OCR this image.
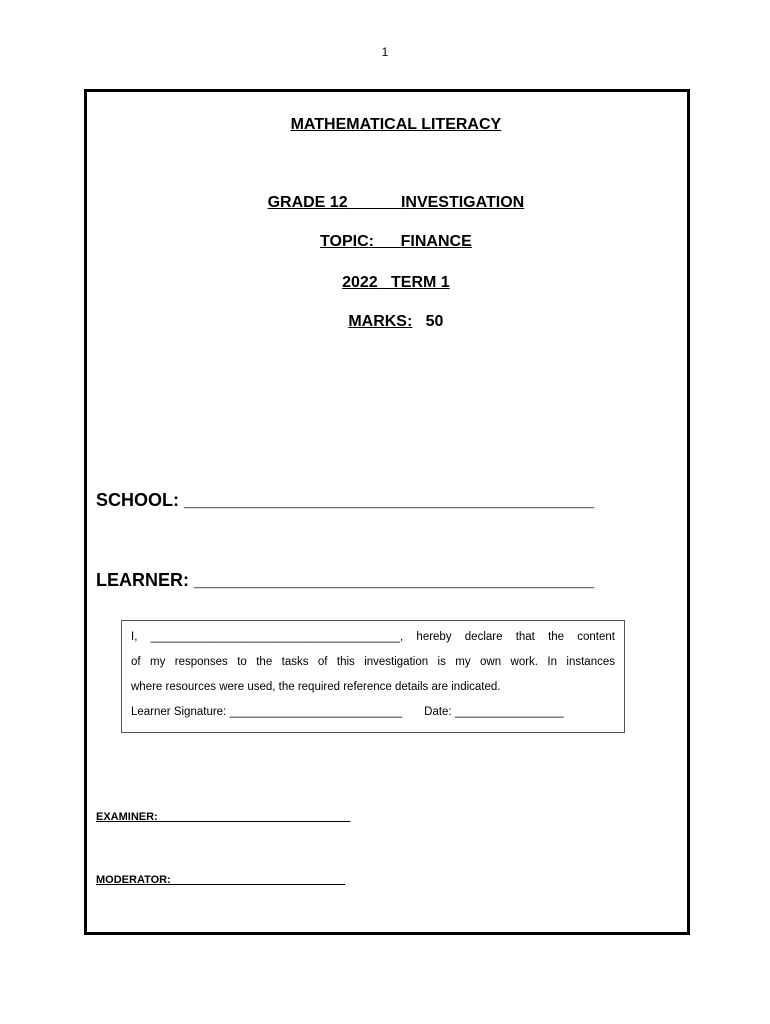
1

MATHEMATICAL LITERACY

GRADE 12	INVESTIGATION

TOPIC: FINANCE

2022 TERM 1

MARKS: 50

SCHOOL: _________________________________________
LEARNER: ________________________________________
I, _______________________________________, hereby declare that the content
of my responses to the tasks of this investigation is my own work. In instances
where resources were used, the required reference details are indicated.
Learner Signature: ___________________________ Date: _________________
EXAMINER: _______________________________
MODERATOR: ____________________________
